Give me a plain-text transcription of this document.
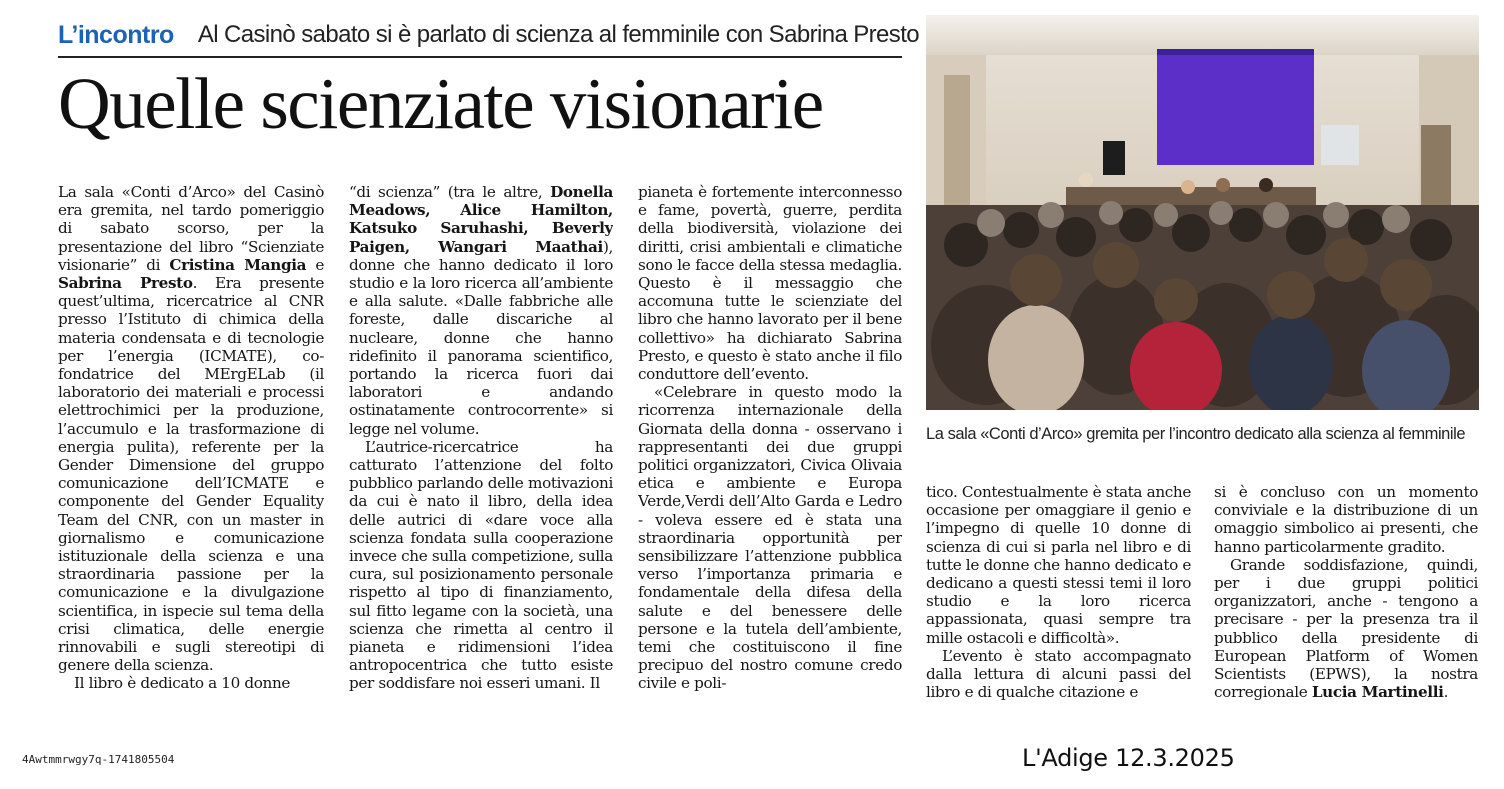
L’incontro Al Casinò sabato si è parlato di scienza al femminile con Sabrina Presto
Quelle scienziate visionarie

La sala «Conti d’Arco» del Casinò era gremita, nel tardo pomeriggio di sabato scorso, per la presentazione del libro “Scienziate visionarie” di Cristina Mangia e Sabrina Presto. Era presente quest’ultima, ricercatrice al CNR presso l’Istituto di chimica della materia condensata e di tecnologie per l’energia (ICMATE), co-fondatrice del MErgELab (il laboratorio dei materiali e processi elettrochimici per la produzione, l’accumulo e la trasformazione di energia pulita), referente per la Gender Dimensione del gruppo comunicazione dell’ICMATE e componente del Gender Equality Team del CNR, con un master in giornalismo e comunicazione istituzionale della scienza e una straordinaria passione per la comunicazione e la divulgazione scientifica, in ispecie sul tema della crisi climatica, delle energie rinnovabili e sugli stereotipi di genere della scienza.

Il libro è dedicato a 10 donne

“di scienza” (tra le altre, Donella Meadows, Alice Hamilton, Katsuko Saruhashi, Beverly Paigen, Wangari Maathai), donne che hanno dedicato il loro studio e la loro ricerca all’ambiente e alla salute. «Dalle fabbriche alle foreste, dalle discariche al nucleare, donne che hanno ridefinito il panorama scientifico, portando la ricerca fuori dai laboratori e andando ostinatamente controcorrente» si legge nel volume.

L’autrice-ricercatrice ha catturato l’attenzione del folto pubblico parlando delle motivazioni da cui è nato il libro, della idea delle autrici di «dare voce alla scienza fondata sulla cooperazione invece che sulla competizione, sulla cura, sul posizionamento personale rispetto al tipo di finanziamento, sul fitto legame con la società, una scienza che rimetta al centro il pianeta e ridimensioni l’idea antropocentrica che tutto esiste per soddisfare noi esseri umani. Il

pianeta è fortemente interconnesso e fame, povertà, guerre, perdita della biodiversità, violazione dei diritti, crisi ambientali e climatiche sono le facce della stessa medaglia. Questo è il messaggio che accomuna tutte le scienziate del libro che hanno lavorato per il bene collettivo» ha dichiarato Sabrina Presto, e questo è stato anche il filo conduttore dell’evento.

«Celebrare in questo modo la ricorrenza internazionale della Giornata della donna - osservano i rappresentanti dei due gruppi politici organizzatori, Civica Olivaia etica e ambiente e Europa Verde,Verdi dell’Alto Garda e Ledro - voleva essere ed è stata una straordinaria opportunità per sensibilizzare l’attenzione pubblica verso l’importanza primaria e fondamentale della difesa della salute e del benessere delle persone e la tutela dell’ambiente, temi che costituiscono il fine precipuo del nostro comune credo civile e poli-

tico. Contestualmente è stata anche occasione per omaggiare il genio e l’impegno di quelle 10 donne di scienza di cui si parla nel libro e di tutte le donne che hanno dedicato e dedicano a questi stessi temi il loro studio e la loro ricerca appassionata, quasi sempre tra mille ostacoli e difficoltà».

L’evento è stato accompagnato dalla lettura di alcuni passi del libro e di qualche citazione e

si è concluso con un momento conviviale e la distribuzione di un omaggio simbolico ai presenti, che hanno particolarmente gradito.

Grande soddisfazione, quindi, per i due gruppi politici organizzatori, anche - tengono a precisare - per la presenza tra il pubblico della presidente di European Platform of Women Scientists (EPWS), la nostra corregionale Lucia Martinelli.

La sala «Conti d’Arco» gremita per l’incontro dedicato alla scienza al femminile
4Awtmmrwgy7q-1741805504	L'Adige 12.3.2025
